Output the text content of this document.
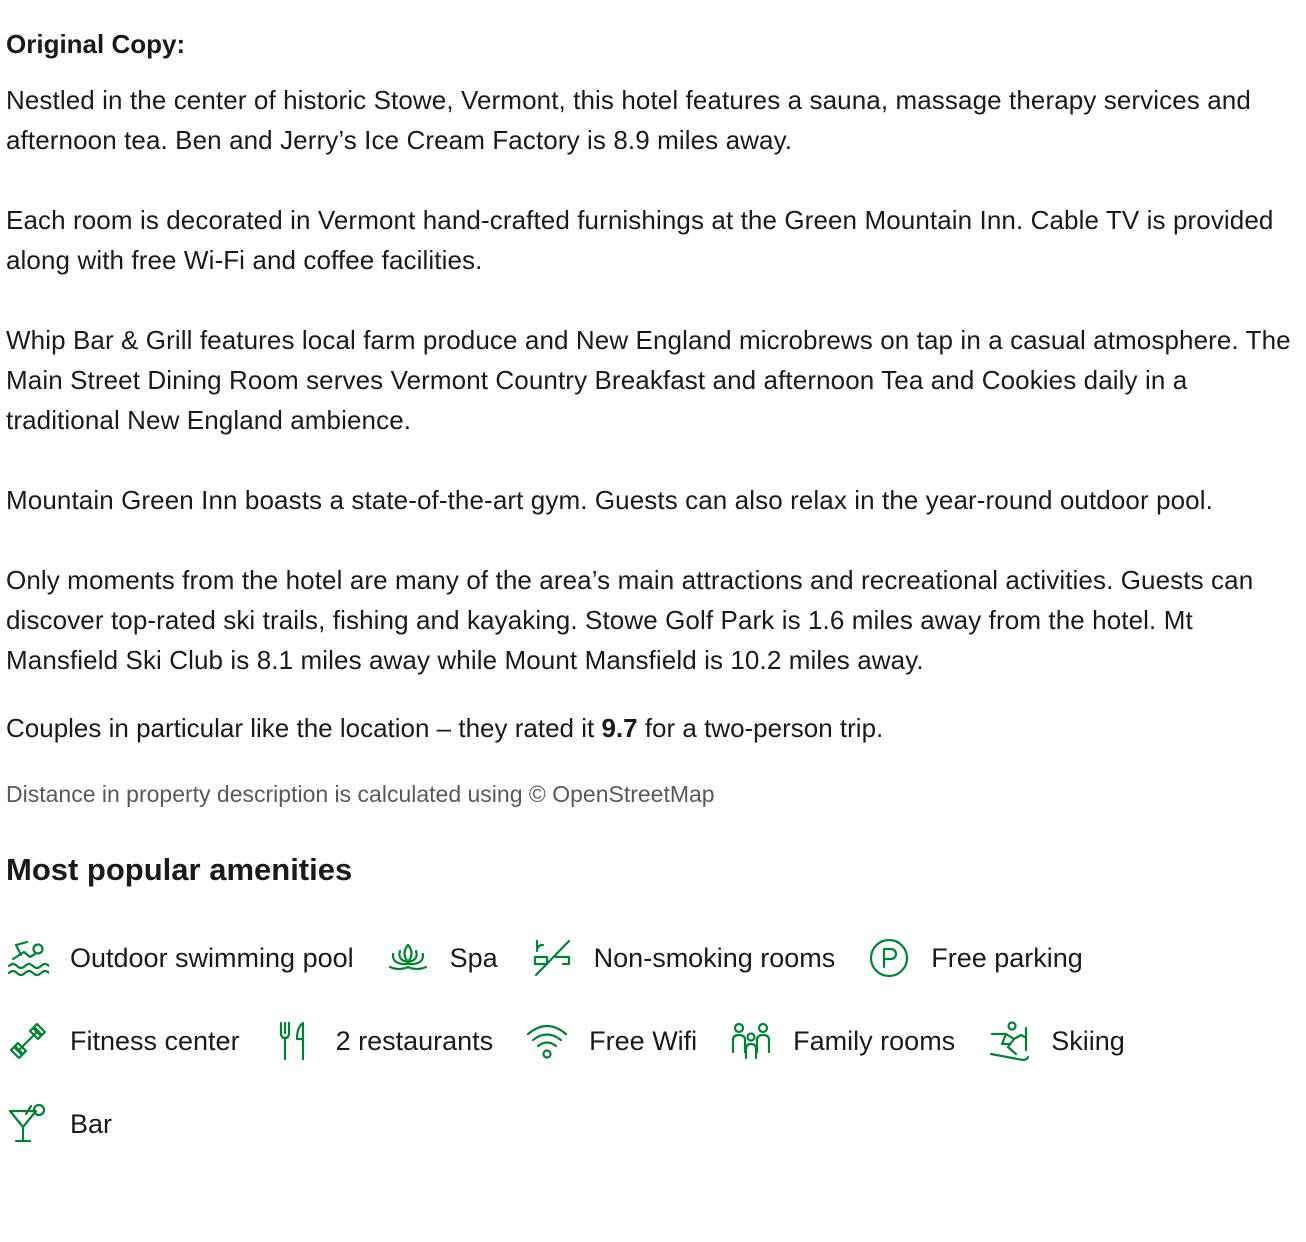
Original Copy:

Nestled in the center of historic Stowe, Vermont, this hotel features a sauna, massage therapy services and afternoon tea. Ben and Jerry’s Ice Cream Factory is 8.9 miles away.

Each room is decorated in Vermont hand-crafted furnishings at the Green Mountain Inn. Cable TV is provided along with free Wi-Fi and coffee facilities.

Whip Bar & Grill features local farm produce and New England microbrews on tap in a casual atmosphere. The Main Street Dining Room serves Vermont Country Breakfast and afternoon Tea and Cookies daily in a traditional New England ambience.

Mountain Green Inn boasts a state-of-the-art gym. Guests can also relax in the year-round outdoor pool.

Only moments from the hotel are many of the area’s main attractions and recreational activities. Guests can discover top-rated ski trails, fishing and kayaking. Stowe Golf Park is 1.6 miles away from the hotel. Mt Mansfield Ski Club is 8.1 miles away while Mount Mansfield is 10.2 miles away.

Couples in particular like the location – they rated it 9.7 for a two-person trip.

Distance in property description is calculated using © OpenStreetMap
Most popular amenities
Outdoor swimming pool	Spa	Non-smoking rooms	Free parking
Fitness center	2 restaurants	Free Wifi	Family rooms	Skiing
Bar
